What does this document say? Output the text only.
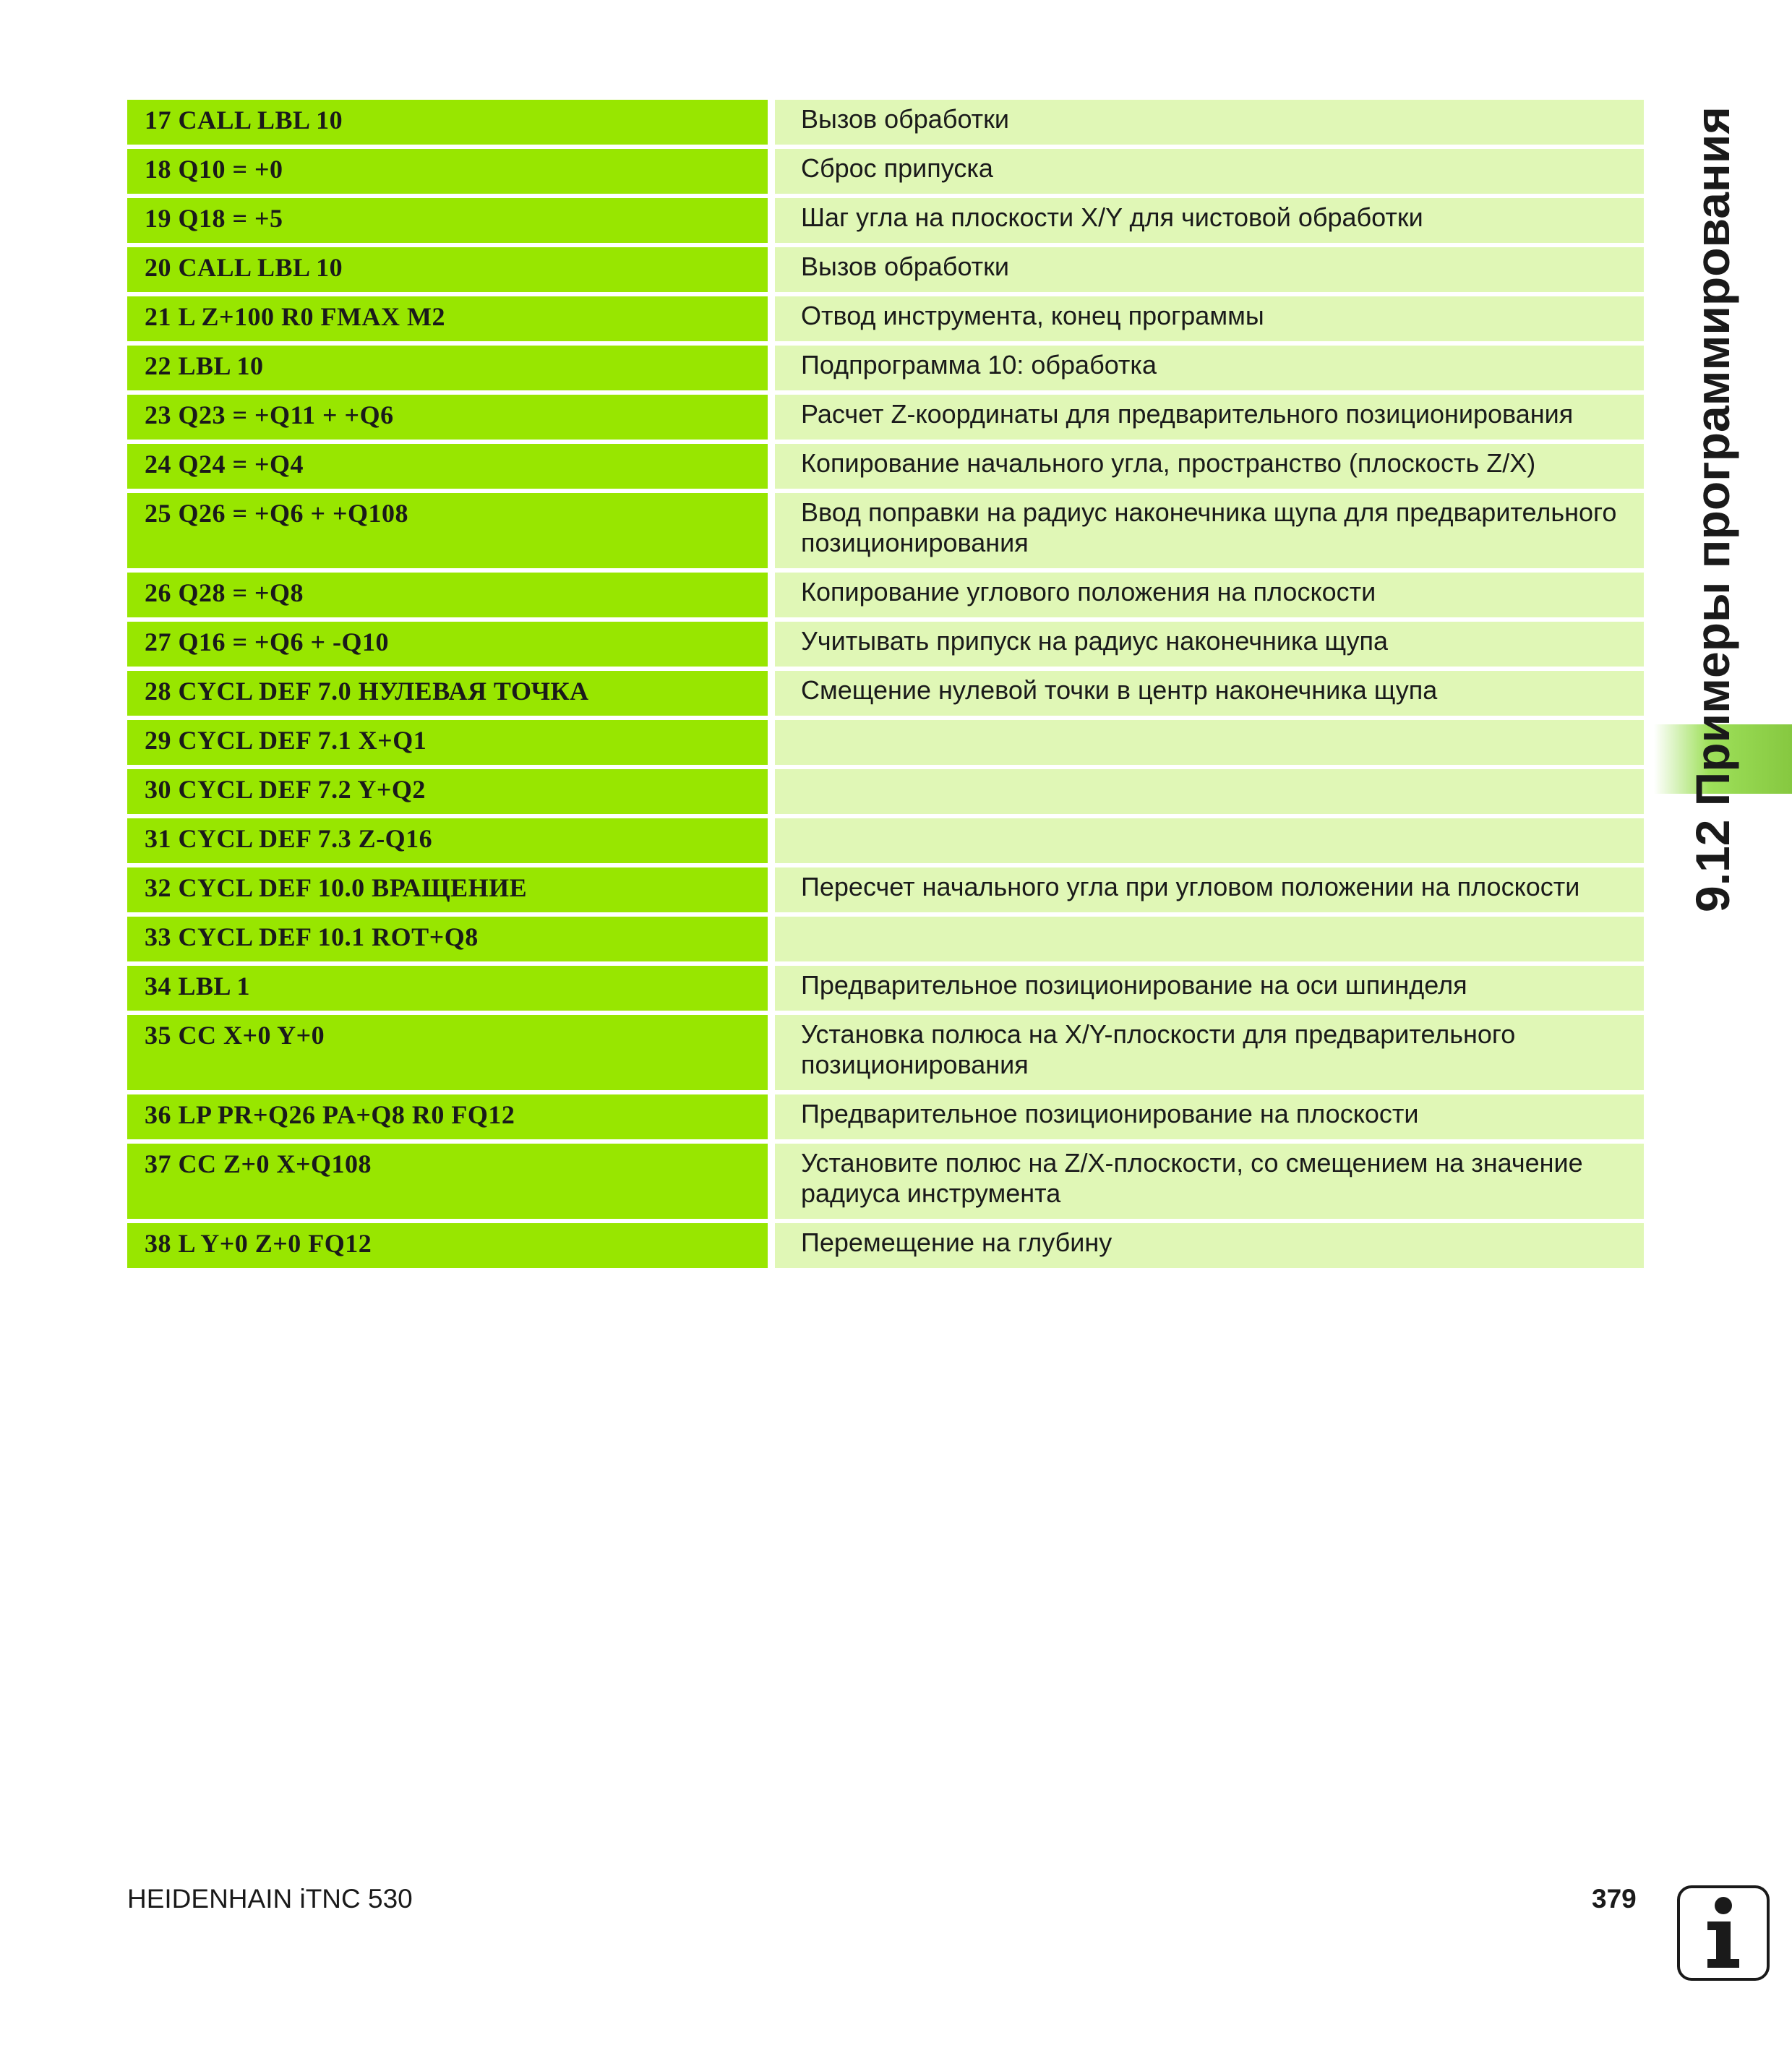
17 CALL LBL 10	Вызов обработки
18 Q10 = +0	Сброс припуска
19 Q18 = +5	Шаг угла на плоскости X/Y для чистовой обработки
20 CALL LBL 10	Вызов обработки
21 L Z+100 R0 FMAX M2	Отвод инструмента, конец программы
22 LBL 10	Подпрограмма 10: обработка
23 Q23 = +Q11 + +Q6	Расчет Z-координаты для предварительного позиционирования
24 Q24 = +Q4	Копирование начального угла, пространство (плоскость Z/X)
25 Q26 = +Q6 + +Q108	Ввод поправки на радиус наконечника щупа для предварительного позиционирования
26 Q28 = +Q8	Копирование углового положения на плоскости
27 Q16 = +Q6 + -Q10	Учитывать припуск на радиус наконечника щупа
28 CYCL DEF 7.0 НУЛЕВАЯ ТОЧКА	Смещение нулевой точки в центр наконечника щупа
29 CYCL DEF 7.1 X+Q1
30 CYCL DEF 7.2 Y+Q2
31 CYCL DEF 7.3 Z-Q16
32 CYCL DEF 10.0 ВРАЩЕНИЕ	Пересчет начального угла при угловом положении на плоскости
33 CYCL DEF 10.1 ROT+Q8
34 LBL 1	Предварительное позиционирование на оси шпинделя
35 CC X+0 Y+0	Установка полюса на X/Y-плоскости для предварительного позиционирования
36 LP PR+Q26 PA+Q8 R0 FQ12	Предварительное позиционирование на плоскости
37 CC Z+0 X+Q108	Установите полюс на Z/X-плоскости, со смещением на значение радиуса инструмента
38 L Y+0 Z+0 FQ12	Перемещение на глубину
9.12 Примеры программирования
HEIDENHAIN iTNC 530	379
